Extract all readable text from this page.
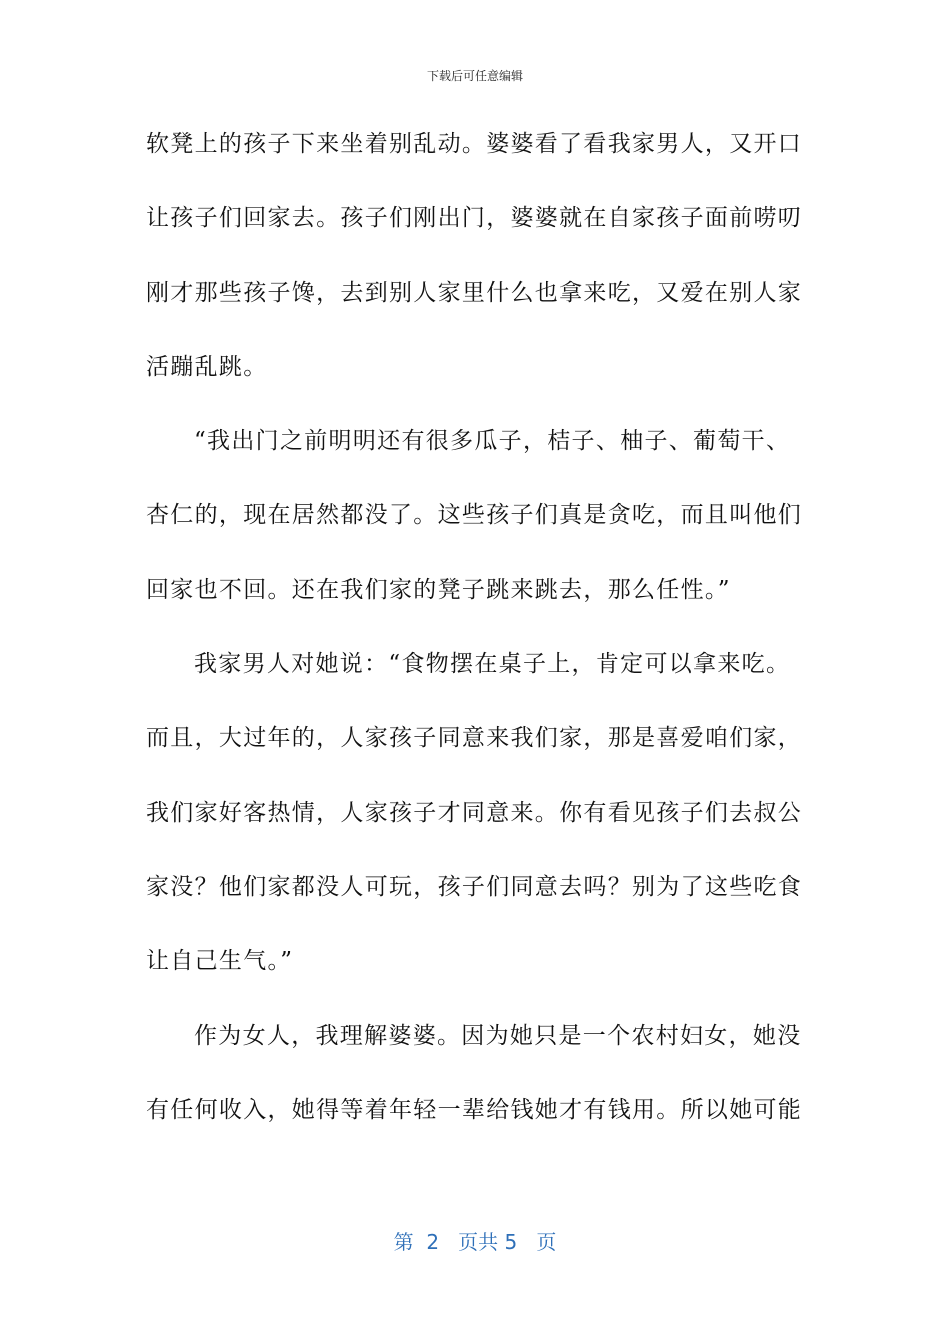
下载后可任意编辑
软凳上的孩子下来坐着别乱动。婆婆看了看我家男人，又开口
让孩子们回家去。孩子们刚出门，婆婆就在自家孩子面前唠叨
刚才那些孩子馋，去到别人家里什么也拿来吃，又爱在别人家
活蹦乱跳。
“我出门之前明明还有很多瓜子，桔子、柚子、葡萄干、
杏仁的，现在居然都没了。这些孩子们真是贪吃，而且叫他们
回家也不回。还在我们家的凳子跳来跳去，那么任性。”
我家男人对她说：“食物摆在桌子上，肯定可以拿来吃。
而且，大过年的，人家孩子同意来我们家，那是喜爱咱们家，
我们家好客热情，人家孩子才同意来。你有看见孩子们去叔公
家没？他们家都没人可玩，孩子们同意去吗？别为了这些吃食
让自己生气。”
作为女人，我理解婆婆。因为她只是一个农村妇女，她没
有任何收入，她得等着年轻一辈给钱她才有钱用。所以她可能
第  2   页共 5   页
